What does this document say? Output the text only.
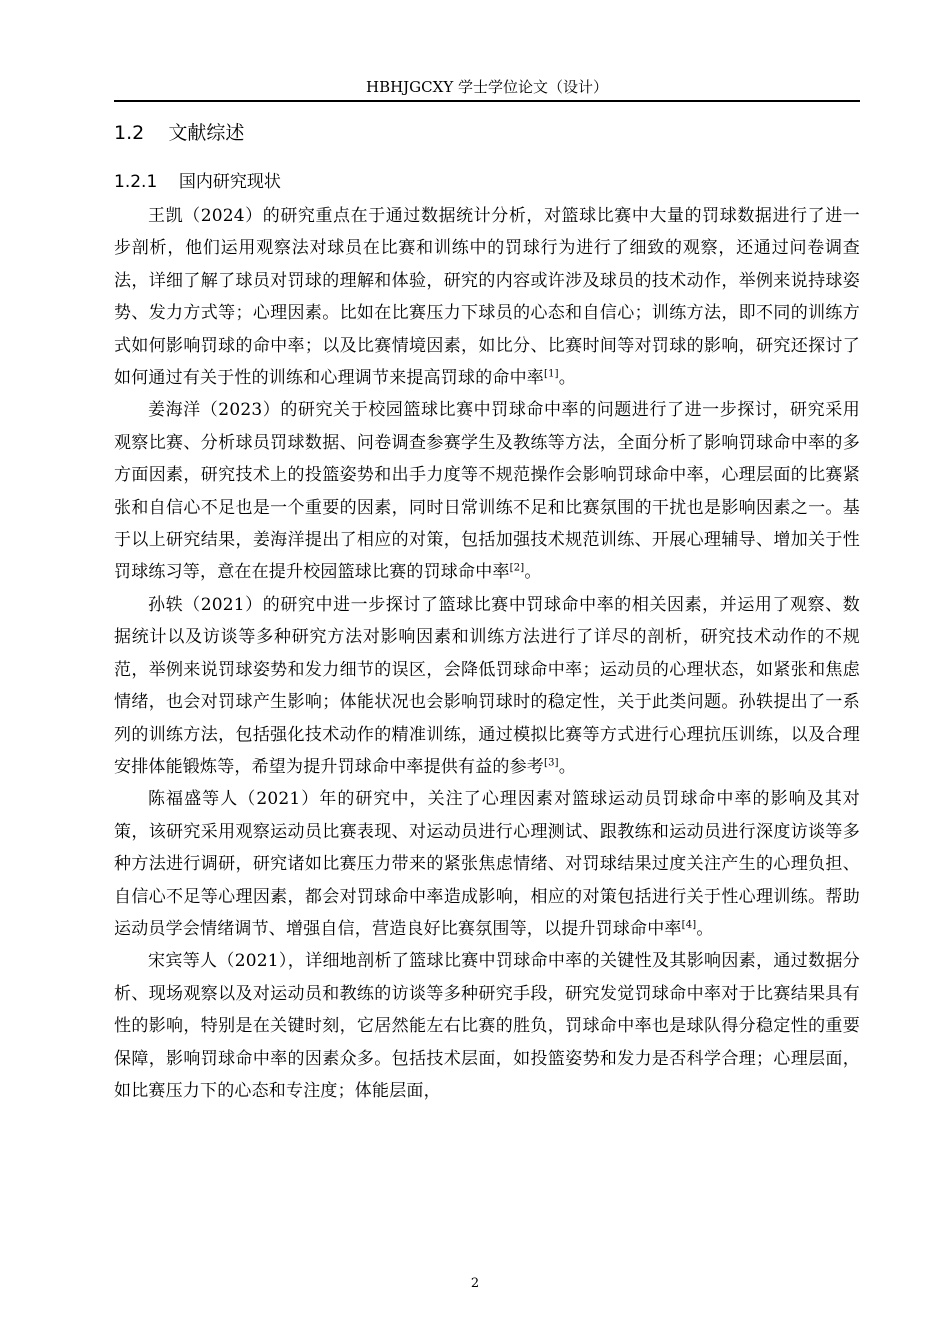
HBHJGCXY 学士学位论文（设计）
1.2 文献综述
1.2.1 国内研究现状

王凯（2024）的研究重点在于通过数据统计分析，对篮球比赛中大量的罚球数据进行了进一步剖析，他们运用观察法对球员在比赛和训练中的罚球行为进行了细致的观察，还通过问卷调查法，详细了解了球员对罚球的理解和体验，研究的内容或许涉及球员的技术动作，举例来说持球姿势、发力方式等；心理因素。比如在比赛压力下球员的心态和自信心；训练方法，即不同的训练方式如何影响罚球的命中率；以及比赛情境因素，如比分、比赛时间等对罚球的影响，研究还探讨了如何通过有关于性的训练和心理调节来提高罚球的命中率[1]。

姜海洋（2023）的研究关于校园篮球比赛中罚球命中率的问题进行了进一步探讨，研究采用观察比赛、分析球员罚球数据、问卷调查参赛学生及教练等方法，全面分析了影响罚球命中率的多方面因素，研究技术上的投篮姿势和出手力度等不规范操作会影响罚球命中率，心理层面的比赛紧张和自信心不足也是一个重要的因素，同时日常训练不足和比赛氛围的干扰也是影响因素之一。基于以上研究结果，姜海洋提出了相应的对策，包括加强技术规范训练、开展心理辅导、增加关于性罚球练习等，意在在提升校园篮球比赛的罚球命中率[2]。

孙轶（2021）的研究中进一步探讨了篮球比赛中罚球命中率的相关因素，并运用了观察、数据统计以及访谈等多种研究方法对影响因素和训练方法进行了详尽的剖析，研究技术动作的不规范，举例来说罚球姿势和发力细节的误区，会降低罚球命中率；运动员的心理状态，如紧张和焦虑情绪，也会对罚球产生影响；体能状况也会影响罚球时的稳定性，关于此类问题。孙轶提出了一系列的训练方法，包括强化技术动作的精准训练，通过模拟比赛等方式进行心理抗压训练，以及合理安排体能锻炼等，希望为提升罚球命中率提供有益的参考[3]。

陈福盛等人（2021）年的研究中，关注了心理因素对篮球运动员罚球命中率的影响及其对策，该研究采用观察运动员比赛表现、对运动员进行心理测试、跟教练和运动员进行深度访谈等多种方法进行调研，研究诸如比赛压力带来的紧张焦虑情绪、对罚球结果过度关注产生的心理负担、自信心不足等心理因素，都会对罚球命中率造成影响，相应的对策包括进行关于性心理训练。帮助运动员学会情绪调节、增强自信，营造良好比赛氛围等，以提升罚球命中率[4]。

宋宾等人（2021），详细地剖析了篮球比赛中罚球命中率的关键性及其影响因素，通过数据分析、现场观察以及对运动员和教练的访谈等多种研究手段，研究发觉罚球命中率对于比赛结果具有性的影响，特别是在关键时刻，它居然能左右比赛的胜负，罚球命中率也是球队得分稳定性的重要保障，影响罚球命中率的因素众多。包括技术层面，如投篮姿势和发力是否科学合理；心理层面，如比赛压力下的心态和专注度；体能层面，

2
